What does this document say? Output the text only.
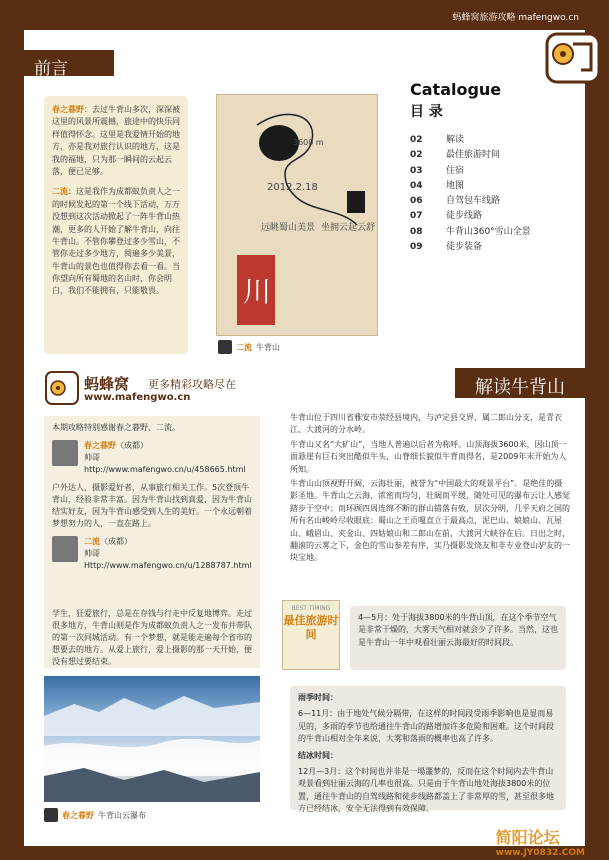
蚂蜂窝旅游攻略 mafengwo.cn
前言

春之暮野：去过牛背山多次，深深被这里的风景所震撼，旅途中的快乐同样值得怀念。这里是我爱情开始的地方，亦是我对旅行认识的地方，这是我的福地，只为那一瞬间的云起云落，便已足够。

二流：这是我作为成都蚁负责人之一的时候发起的第一个线下活动，万万没想到这次活动掀起了一阵牛背山热潮，更多的人开始了解牛背山，向往牛背山。不管你攀登过多少雪山，不管你走过多少地方，阅遍多少美景，牛背山的景色也值得你去看一看。当你望向所有蜀地的名山时，你会明白，我们不能拥有，只能敬畏。

3600 m
2012.2.18
远眺蜀山美景 坐拥云起云舒
川
二流 牛背山
Catalogue
目 录
02	解读
02	最佳旅游时间
03	住宿
04	地图
06	自驾包车线路
07	徒步线路
08	牛背山360°雪山全景
09	徒步装备
蚂蜂窝 更多精彩攻略尽在
www.mafengwo.cn	解读牛背山

本期攻略特别感谢春之暮野、二流。

春之暮野（成都）
帅哥
http://www.mafengwo.cn/u/458665.html

户外达人，摄影爱好者，从事旅行相关工作。5次登顶牛背山，经验非常丰富。因为牛背山找到真爱，因为牛背山结实好友，因为牛背山感受到人生的美好。一个永远朝着梦想努力的人，一直在路上。

二流（成都）
帅哥
Http://www.mafengwo.cn/u/1288787.html
学生，狂爱旅行，总是在存钱与行走中反复地博弈。走过很多地方，牛背山则是作为成都蚁负责人之一发布并带队的第一次同城活动。有一个梦想，就是能走遍每个省市的想要去的地方。从爱上旅行，爱上摄影的那一天开始，便没有想过要结束。
春之暮野 牛背山云瀑布

牛背山位于四川省雅安市荥经县境内，与泸定县交界，属二郎山分支，是青衣江、大渡河的分水岭。

牛背山又名“大矿山”，当地人普遍以后者为称呼。山顶海拔3600米，因山顶一面悬崖有巨石突出酷似牛头，山脊细长貌似牛背而得名，是2009年末开始为人所知。

牛背山山顶视野开阔，云海壮丽，被誉为“中国最大的观景平台”。是绝佳的摄影圣地。牛背山之云海，浓密而均匀，壮阔而平缓，随处可见的瀑布云让人感觉踏步于空中；而环顾四周连绵不断的群山错落有致，层次分明，几乎天府之国的所有名山峻岭尽收眼底：蜀山之王贡嘎直立于最高点，泥巴山、娘娘山、瓦屋山、峨眉山、夹金山、四姑娘山和二郎山在前，大渡河大峡谷在后。日出之时，翻滚的云雾之下，金色的雪山参差有序，实乃摄影发烧友和非专业登山驴友的一块宝地。

BEST TIMING
最佳旅游时间
4—5月：处于海拔3800米的牛背山顶，在这个季节空气是非常干燥的，大雾天气相对就会少了许多。当然，这也是牛背山一年中观看壮丽云海最好的时间段。

雨季时间：

6—11月：由于地处气候分隔带，在这样的时间段受雨季影响也是显而易见的，多雨的季节也给通往牛背山的路增加许多危险和困难。这个时间段的牛背山相对全年来说，大雾和落雨的概率也高了许多。

结冰时间：

12月—3月：这个时间也并非是一場噩梦的，反而在这个时间内去牛背山观景看到壮丽云海的几率也很高。只是由于牛背山地处海拔3800米的位置，通往牛背山的自驾线路和徒步线路都盖上了非常厚的雪，甚至很多地方已经结冰，安全无法得到有效保障。

简阳论坛
www.JY0832.COM
